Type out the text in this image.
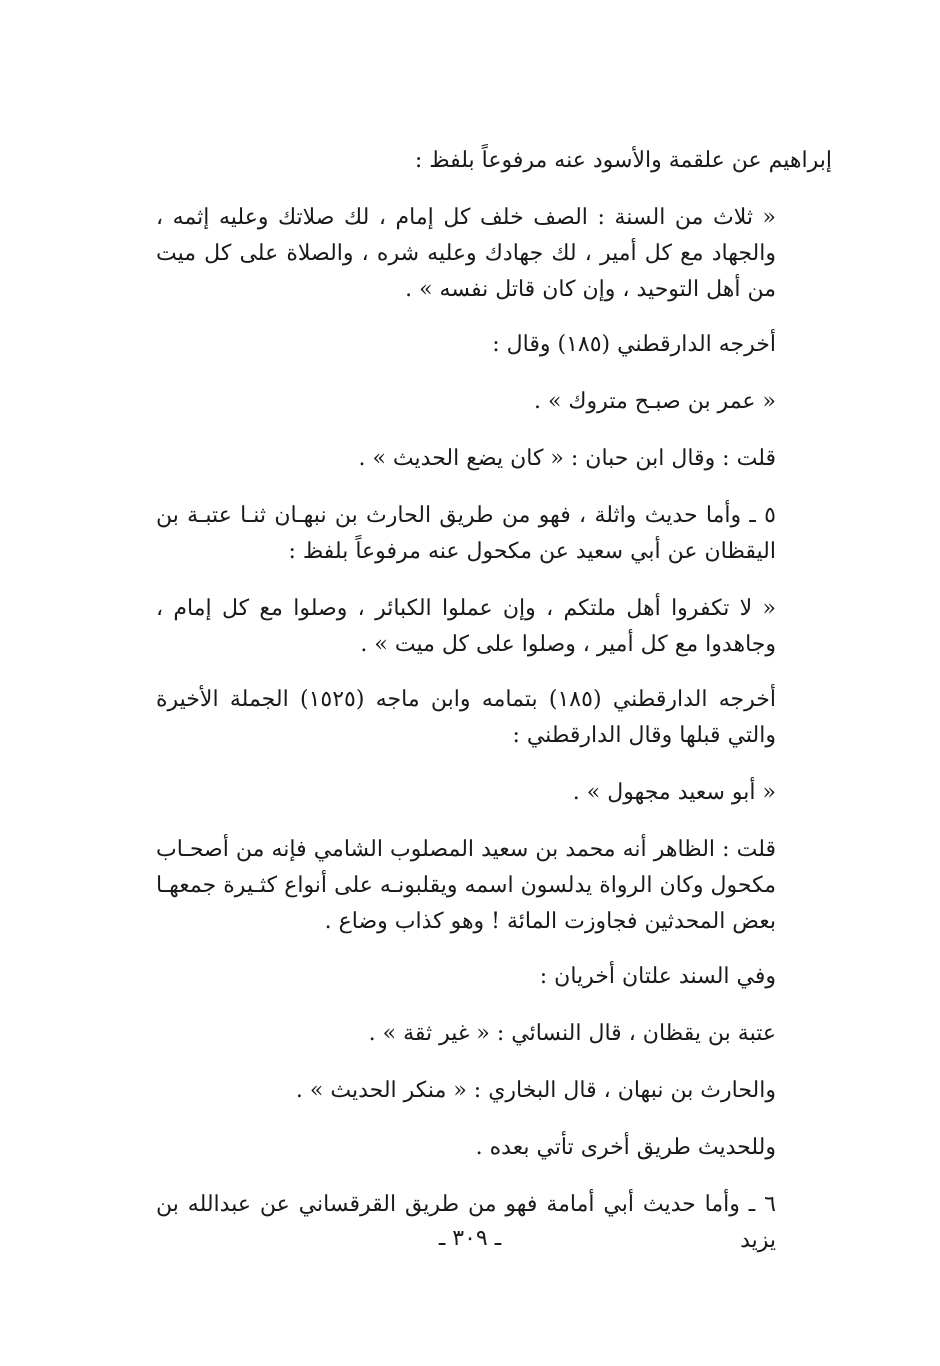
إبراهيم عن علقمة والأسود عنه مرفوعاً بلفظ :

« ثلاث من السنة : الصف خلف كل إمام ، لك صلاتك وعليه إثمه ، والجهاد مع كل أمير ، لك جهادك وعليه شره ، والصلاة على كل ميت من أهل التوحيد ، وإن كان قاتل نفسه » .

أخرجه الدارقطني (١٨٥) وقال :

« عمر بن صبـح متروك » .

قلت : وقال ابن حبان : « كان يضع الحديث » .

٥ ـ وأما حديث واثلة ، فهو من طريق الحارث بن نبهـان ثنـا عتبـة بن اليقظان عن أبي سعيد عن مكحول عنه مرفوعاً بلفظ :

« لا تكفروا أهل ملتكم ، وإن عملوا الكبائر ، وصلوا مع كل إمام ، وجاهدوا مع كل أمير ، وصلوا على كل ميت » .

أخرجه الدارقطني (١٨٥) بتمامه وابن ماجه (١٥٢٥) الجملة الأخيرة والتي قبلها وقال الدارقطني :

« أبو سعيد مجهول » .

قلت : الظاهر أنه محمد بن سعيد المصلوب الشامي فإنه من أصحـاب مكحول وكان الرواة يدلسون اسمه ويقلبونـه على أنواع كثـيرة جمعهـا بعض المحدثين فجاوزت المائة ! وهو كذاب وضاع .

وفي السند علتان أخريان :

عتبة بن يقظان ، قال النسائي : « غير ثقة » .

والحارث بن نبهان ، قال البخاري : « منكر الحديث » .

وللحديث طريق أخرى تأتي بعده .

٦ ـ وأما حديث أبي أمامة فهو من طريق القرقساني عن عبدالله بن يزيد

ـ ٣٠٩ ـ
